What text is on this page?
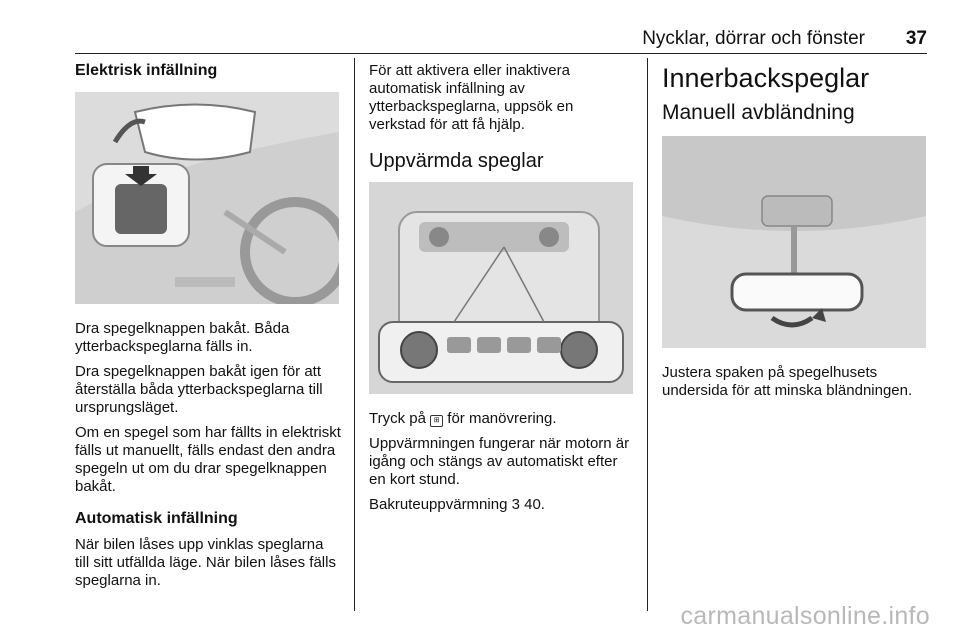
Nycklar, dörrar och fönster 37
Elektrisk infällning

Dra spegelknappen bakåt. Båda ytterbackspeglarna fälls in.

Dra spegelknappen bakåt igen för att återställa båda ytterbackspeglarna till ursprungsläget.

Om en spegel som har fällts in elektriskt fälls ut manuellt, fälls endast den andra spegeln ut om du drar spegelknappen bakåt.

Automatisk infällning

När bilen låses upp vinklas speglarna till sitt utfällda läge. När bilen låses fälls speglarna in.

För att aktivera eller inaktivera automatisk infällning av ytterbackspeglarna, uppsök en verkstad för att få hjälp.

Uppvärmda speglar

Tryck på ⊞ för manövrering.

Uppvärmningen fungerar när motorn är igång och stängs av automatiskt efter en kort stund.

Bakruteuppvärmning 3 40.

Innerbackspeglar
Manuell avbländning

Justera spaken på spegelhusets undersida för att minska bländningen.

carmanualsonline.info
